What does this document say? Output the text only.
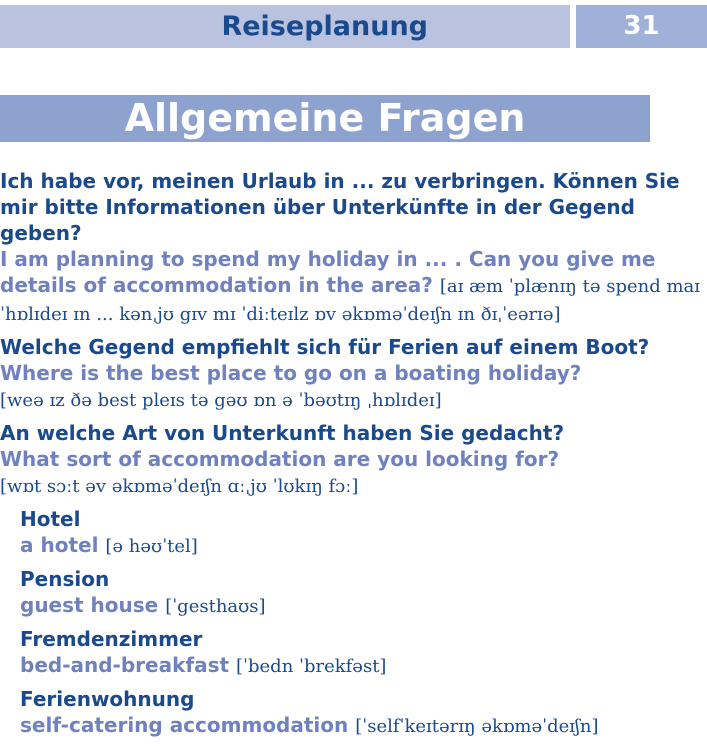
Reiseplanung	31
Allgemeine Fragen
Ich habe vor, meinen Urlaub in ... zu verbringen. Können Sie mir bitte Informationen über Unterkünfte in der Gegend geben?
I am planning to spend my holiday in ... . Can you give me details of accommodation in the area? [aɪ æm ˈplænɪŋ tə spend maɪ ˈhɒlɪdeɪ ɪn ... kənˌjʊ gɪv mɪ ˈdiːteɪlz ɒv əkɒməˈdeɪʃn ɪn ðɪˌˈeərɪə]
Welche Gegend empfiehlt sich für Ferien auf einem Boot?
Where is the best place to go on a boating holiday?
[weə ɪz ðə best pleɪs tə gəʊ ɒn ə ˈbəʊtɪŋ ˌhɒlɪdeɪ]
An welche Art von Unterkunft haben Sie gedacht?
What sort of accommodation are you looking for?
[wɒt sɔːt əv əkɒməˈdeɪʃn ɑːˌjʊ ˈlʊkɪŋ fɔː]
Hotel
a hotel [ə həʊˈtel]
Pension
guest house [ˈgesthaʊs]
Fremdenzimmer
bed-and-breakfast [ˈbedn ˈbrekfəst]
Ferienwohnung
self-catering accommodation [ˈselfˈkeɪtərɪŋ əkɒməˈdeɪʃn]
